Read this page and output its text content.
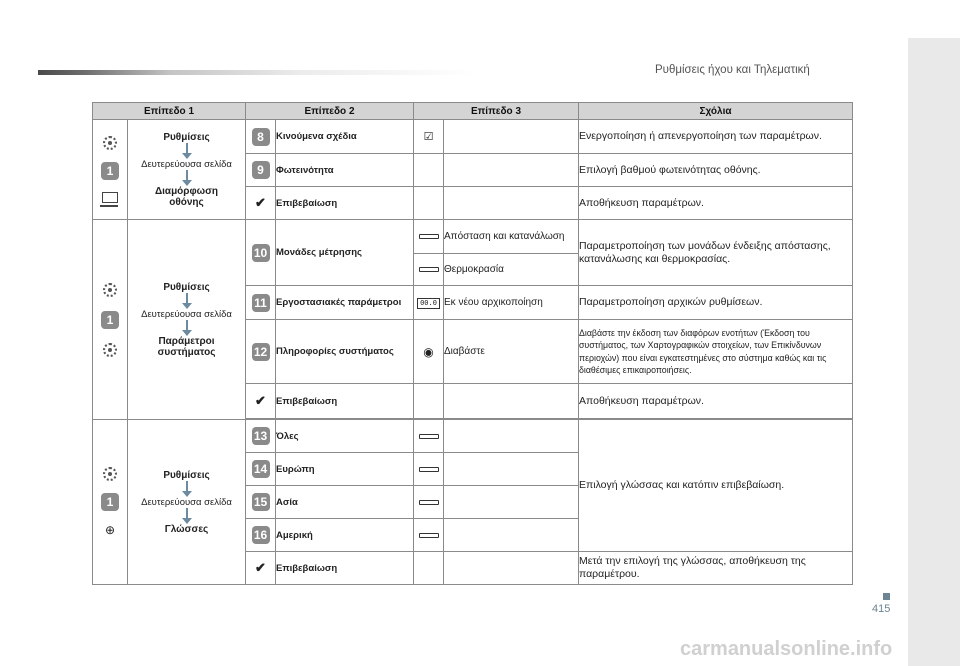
Ρυθμίσεις ήχου και Τηλεματική
Επίπεδο 1		Επίπεδο 2		Επίπεδο 3		Σχόλια

1	Ρυθμίσεις
Δευτερεύουσα σελίδα
Διαμόρφωση οθόνης	8	Κινούμενα σχέδια	☑		Ενεργοποίηση ή απενεργοποίηση των παραμέτρων.
		9	Φωτεινότητα			Επιλογή βαθμού φωτεινότητας οθόνης.
		✔	Επιβεβαίωση			Αποθήκευση παραμέτρων.

1	Ρυθμίσεις
Δευτερεύουσα σελίδα
Παράμετροι συστήματος	10	Μονάδες μέτρησης		Απόσταση και κατανάλωση	Παραμετροποίηση των μονάδων ένδειξης απόστασης, κατανάλωσης και θερμοκρασίας.
					Θερμοκρασία	
		11	Εργοστασιακές παράμετροι	00.0	Εκ νέου αρχικοποίηση	Παραμετροποίηση αρχικών ρυθμίσεων.
		12	Πληροφορίες συστήματος	◉	Διαβάστε	Διαβάστε την έκδοση των διαφόρων ενοτήτων (Έκδοση του συστήματος, των Χαρτογραφικών στοιχείων, των Επικίνδυνων περιοχών) που είναι εγκατεστημένες στο σύστημα καθώς και τις διαθέσιμες επικαιροποιήσεις.
		✔	Επιβεβαίωση			Αποθήκευση παραμέτρων.

1
⊕	Ρυθμίσεις
Δευτερεύουσα σελίδα
Γλώσσες	13	Όλες			Επιλογή γλώσσας και κατόπιν επιβεβαίωση.
		14	Ευρώπη			
		15	Ασία			
		16	Αμερική			
		✔	Επιβεβαίωση			Μετά την επιλογή της γλώσσας, αποθήκευση της παραμέτρου.
415
carmanualsonline.info
